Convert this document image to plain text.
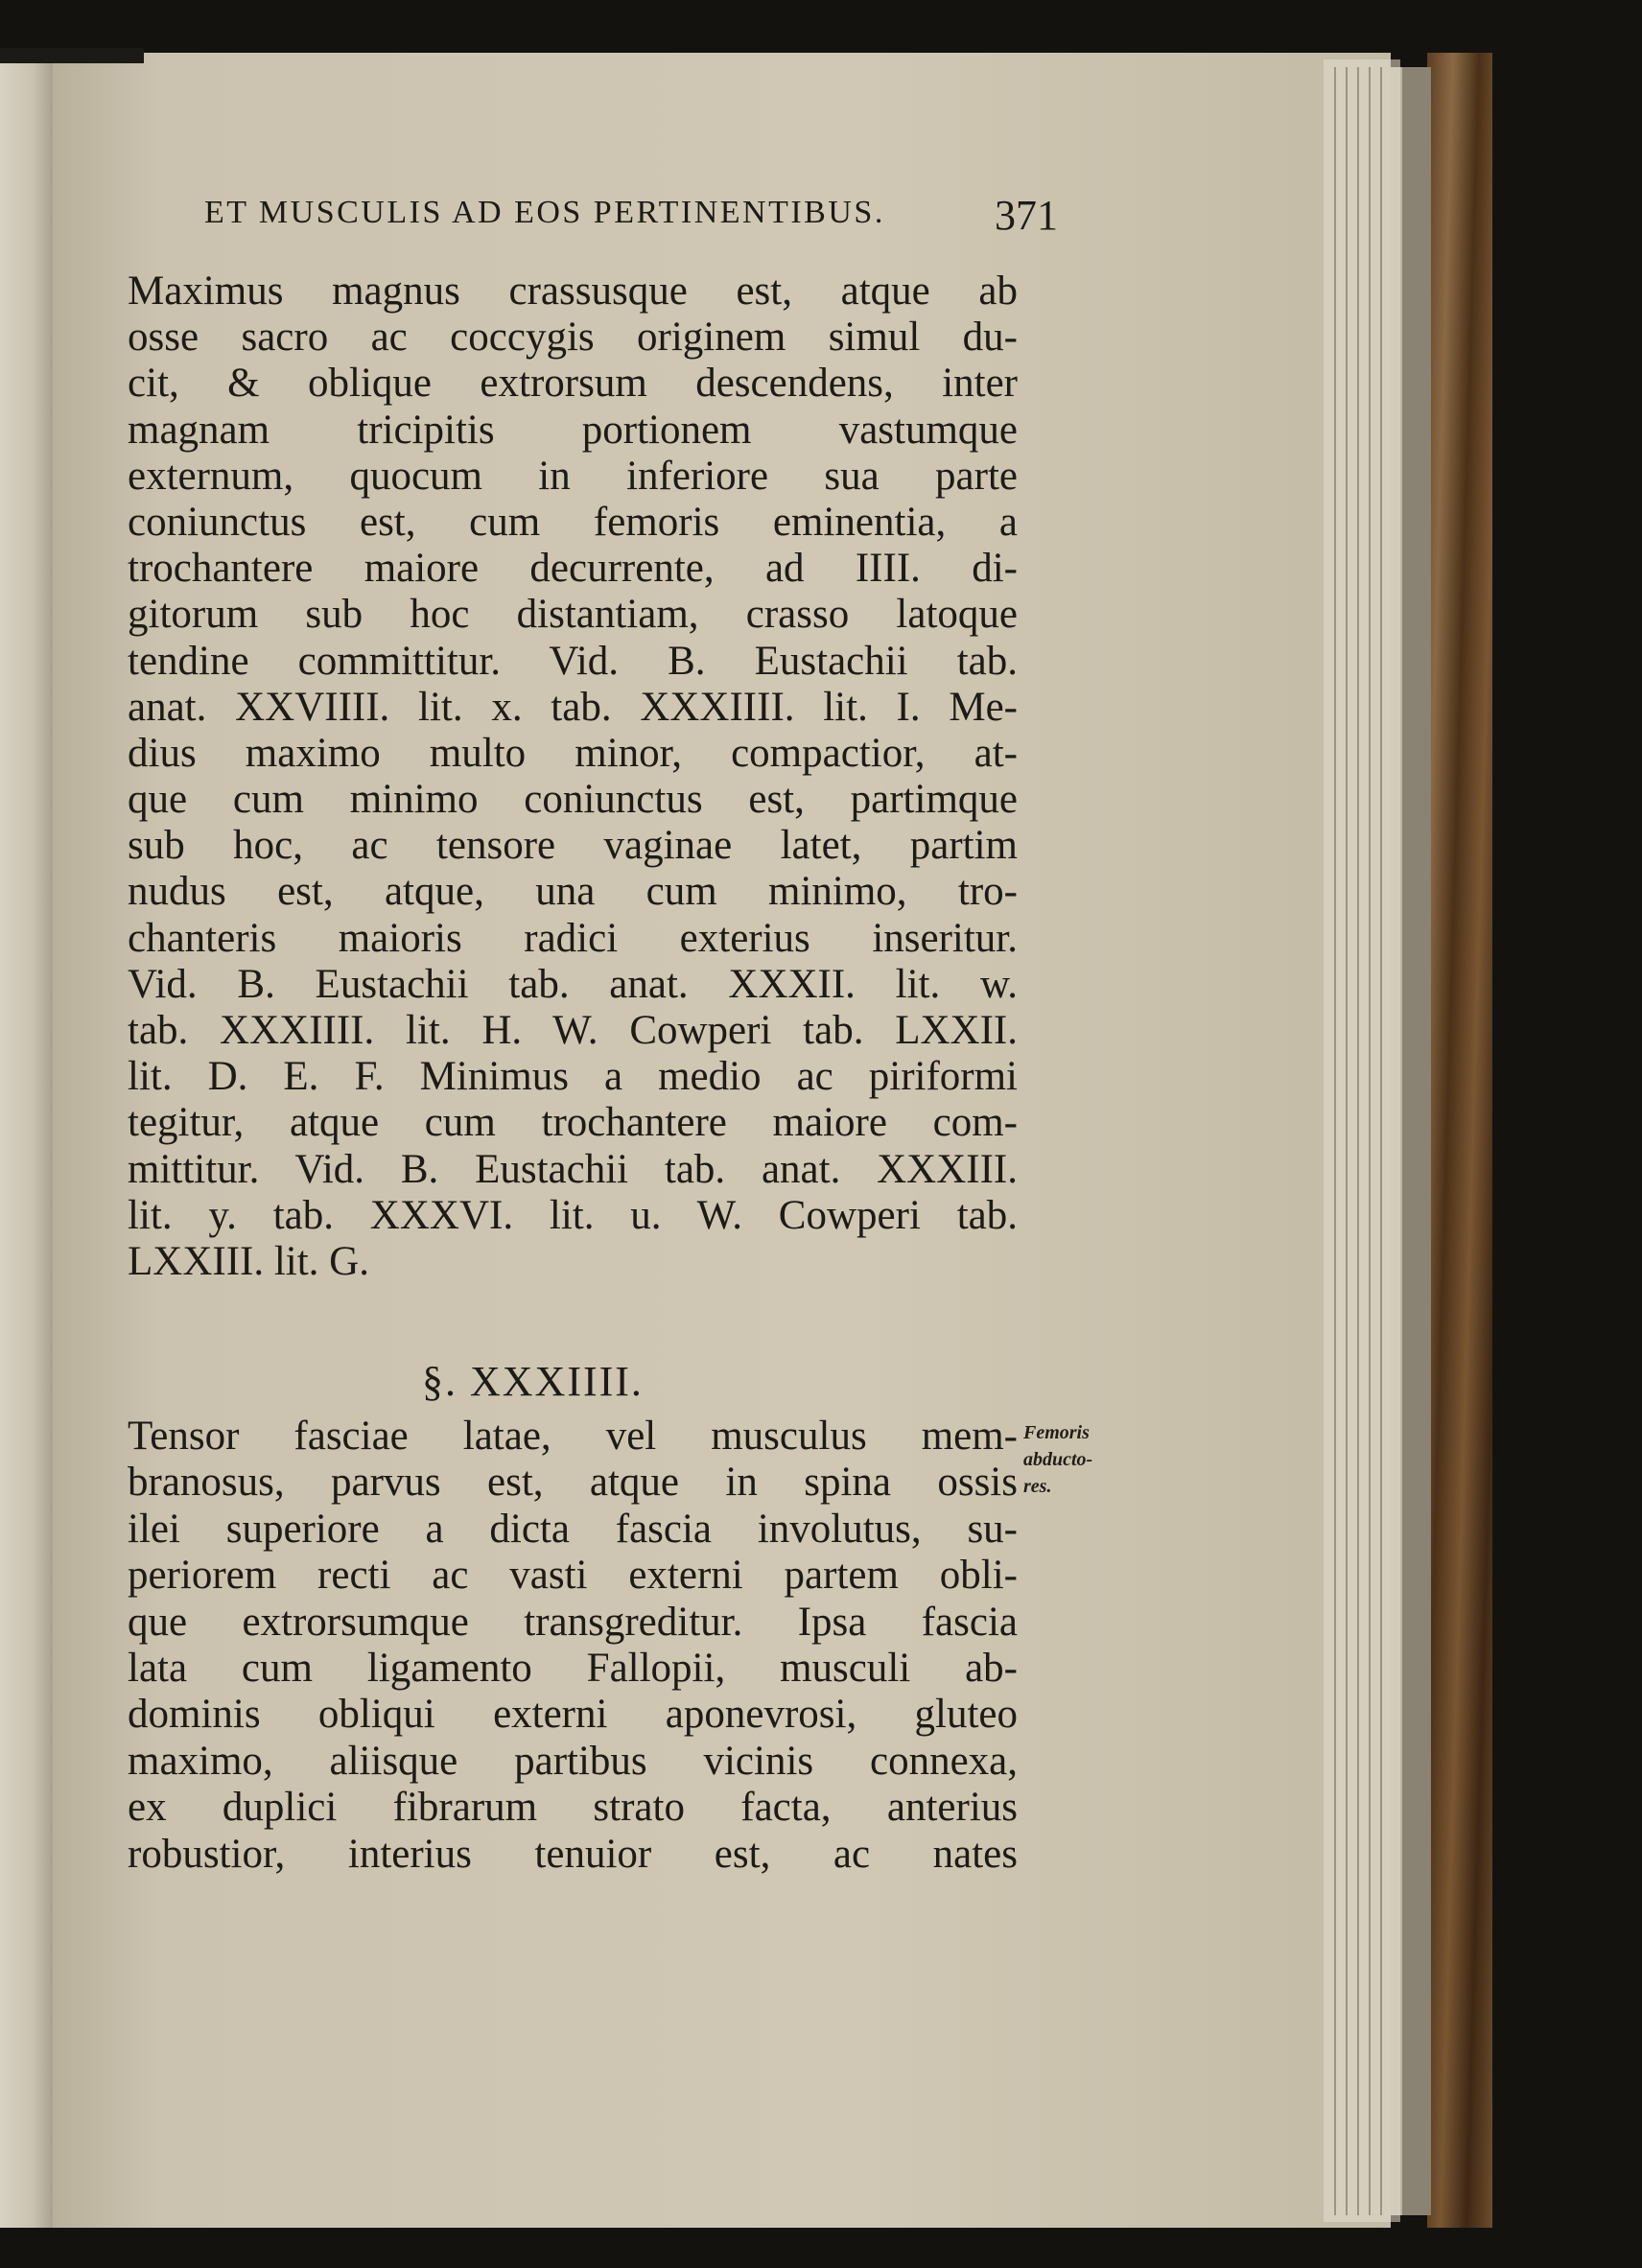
ET MUSCULIS AD EOS PERTINENTIBUS.	371
Maximus magnus crassusque est, atque ab
osse sacro ac coccygis originem simul du-
cit, & oblique extrorsum descendens, inter
magnam tricipitis portionem vastumque
externum, quocum in inferiore sua parte
coniunctus est, cum femoris eminentia, a
trochantere maiore decurrente, ad IIII. di-
gitorum sub hoc distantiam, crasso latoque
tendine committitur. Vid. B. Eustachii tab.
anat. XXVIIII. lit. x. tab. XXXIIII. lit. I. Me-
dius maximo multo minor, compactior, at-
que cum minimo coniunctus est, partimque
sub hoc, ac tensore vaginae latet, partim
nudus est, atque, una cum minimo, tro-
chanteris maioris radici exterius inseritur.
Vid. B. Eustachii tab. anat. XXXII. lit. w.
tab. XXXIIII. lit. H. W. Cowperi tab. LXXII.
lit. D. E. F. Minimus a medio ac piriformi
tegitur, atque cum trochantere maiore com-
mittitur. Vid. B. Eustachii tab. anat. XXXIII.
lit. y. tab. XXXVI. lit. u. W. Cowperi tab.
LXXIII. lit. G.
§. XXXIIII.
Tensor fasciae latae, vel musculus mem-
branosus, parvus est, atque in spina ossis
ilei superiore a dicta fascia involutus, su-
periorem recti ac vasti externi partem obli-
que extrorsumque transgreditur. Ipsa fascia
lata cum ligamento Fallopii, musculi ab-
dominis obliqui externi aponevrosi, gluteo
maximo, aliisque partibus vicinis connexa,
ex duplici fibrarum strato facta, anterius
robustior, interius tenuior est, ac nates
Femoris
abducto-
res.
